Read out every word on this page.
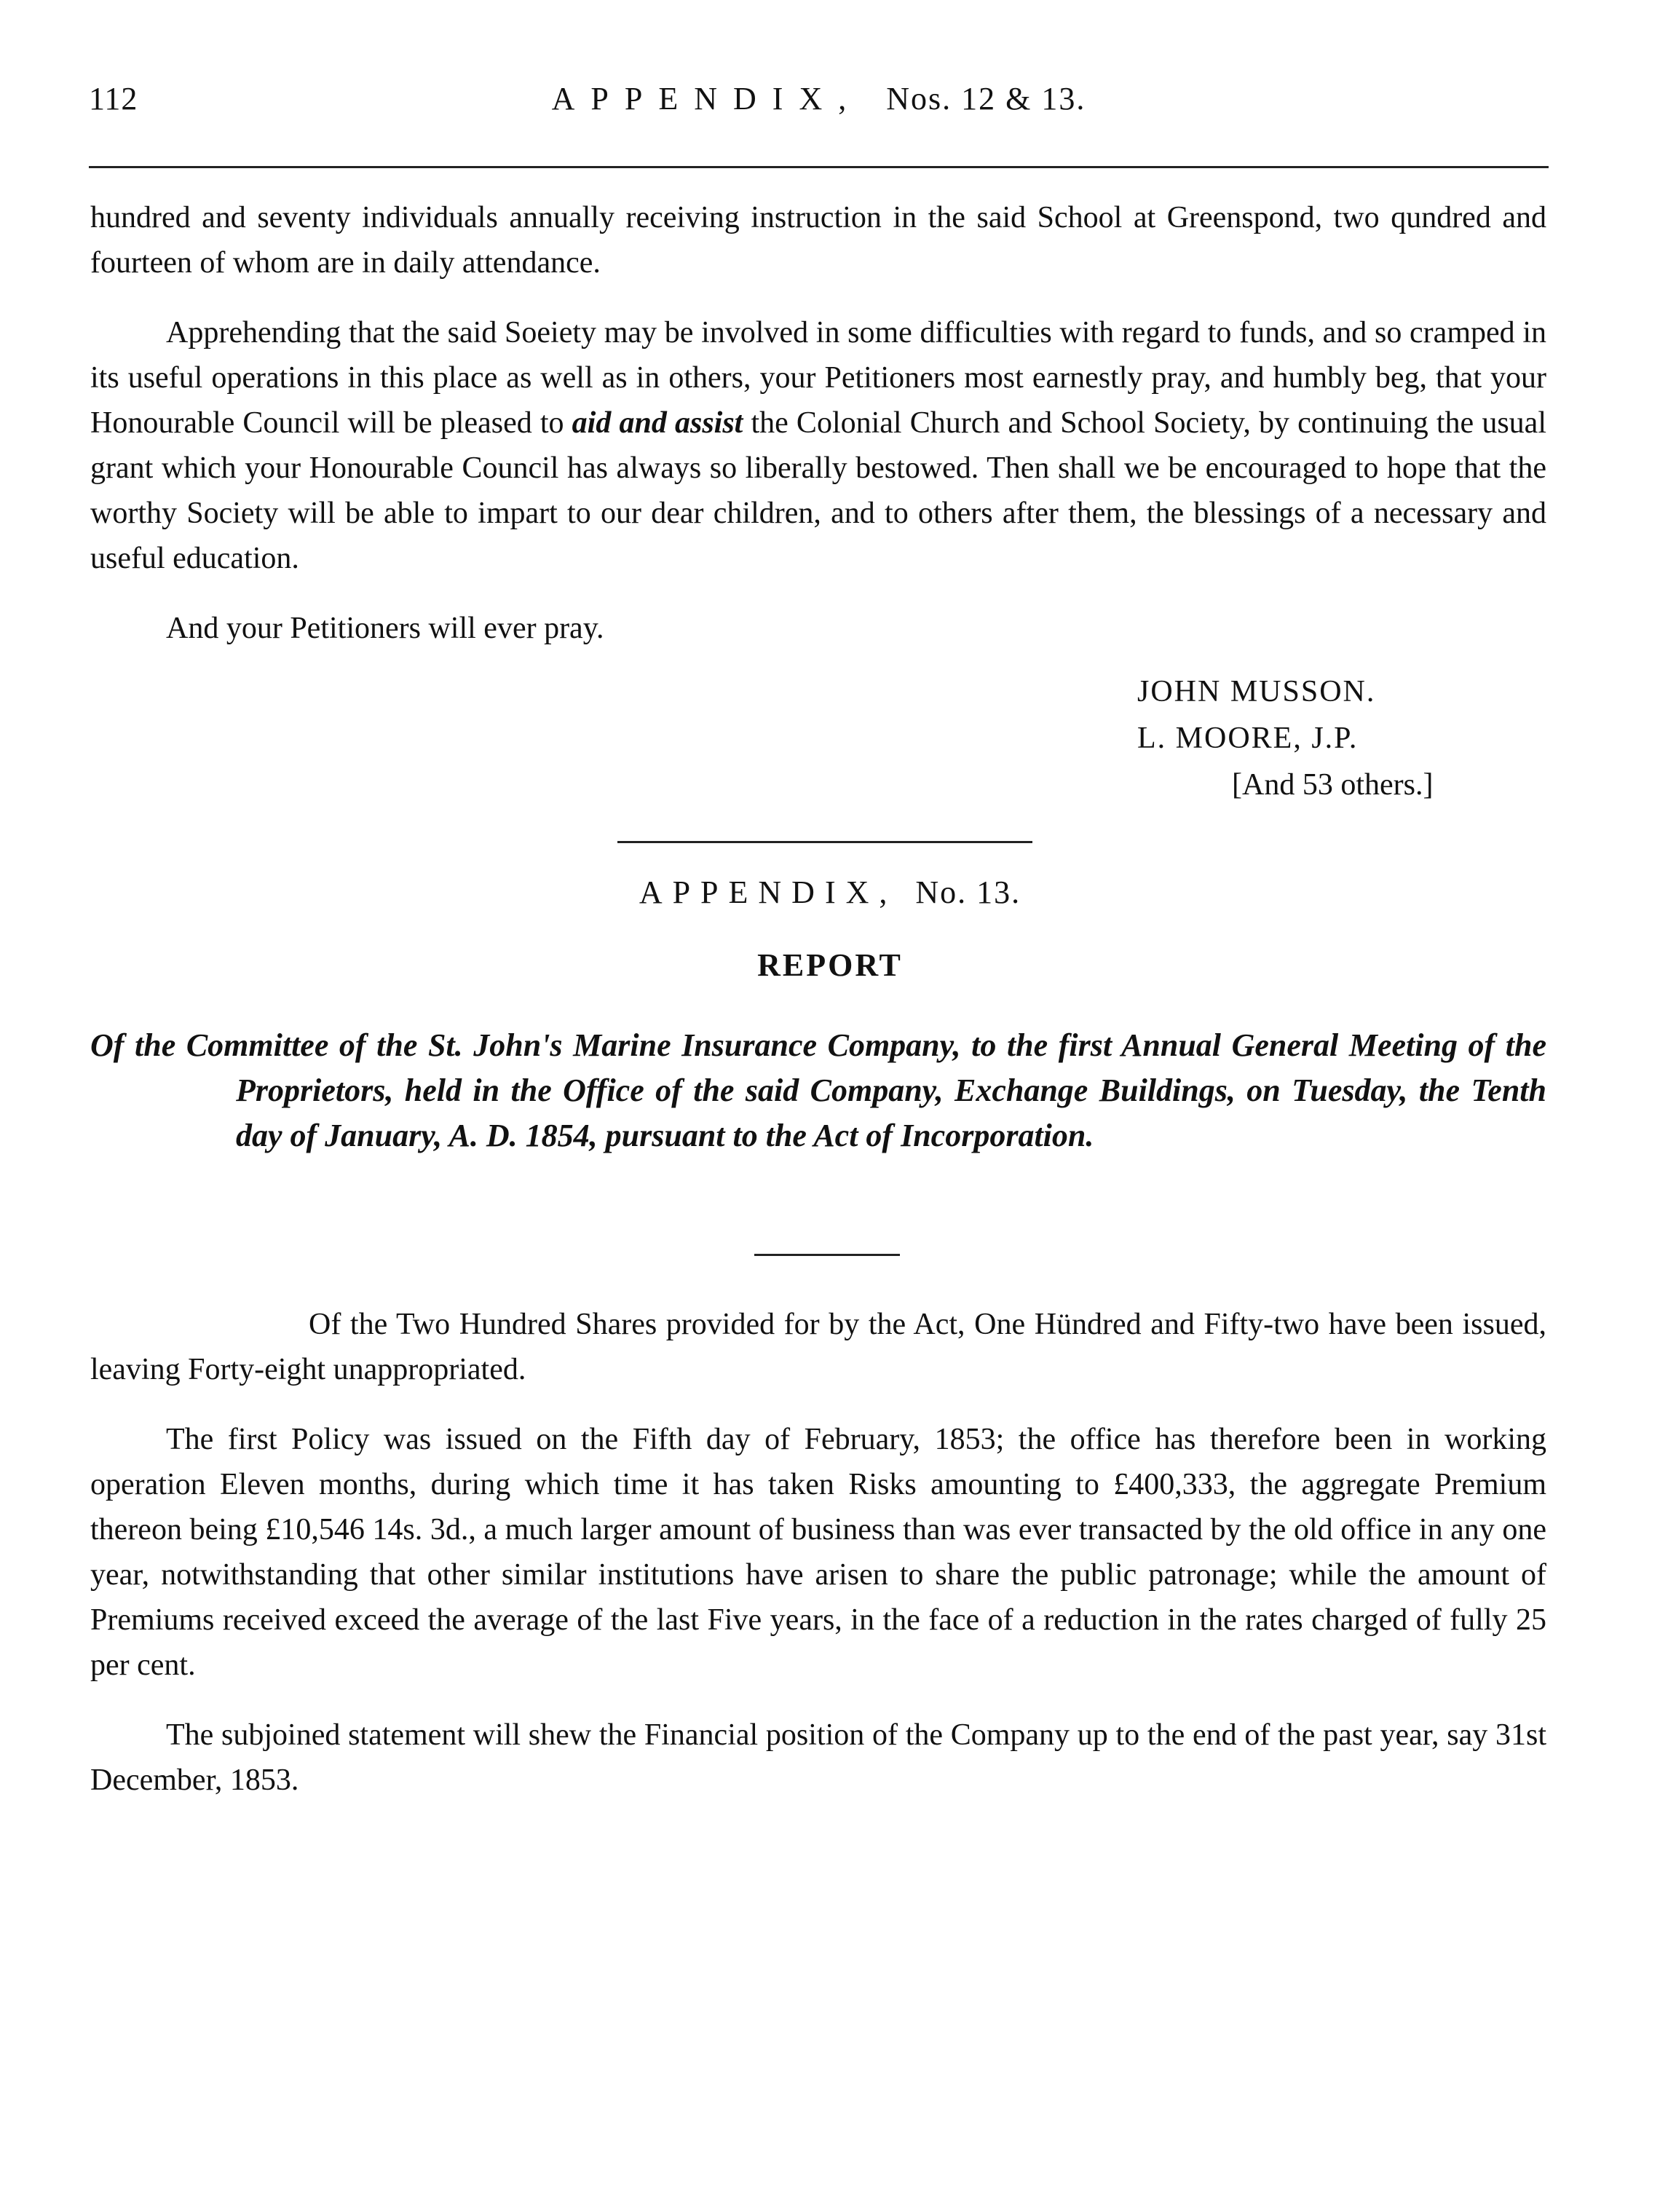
112	APPENDIX, Nos. 12 & 13.

hundred and seventy individuals annually receiving instruction in the said School at Greenspond, two qundred and fourteen of whom are in daily attendance.

Apprehending that the said Soeiety may be involved in some difficulties with regard to funds, and so cramped in its useful operations in this place as well as in others, your Petitioners most earnestly pray, and humbly beg, that your Honourable Council will be pleased to aid and assist the Colonial Church and School Society, by continuing the usual grant which your Honourable Council has always so liberally bestowed. Then shall we be encouraged to hope that the worthy Society will be able to impart to our dear children, and to others after them, the blessings of a necessary and useful education.

And your Petitioners will ever pray.

JOHN MUSSON.
L. MOORE, J.P.
[And 53 others.]
APPENDIX, No. 13.
REPORT
Of the Committee of the St. John's Marine Insurance Company, to the first Annual General Meeting of the Proprietors, held in the Office of the said Company, Exchange Buildings, on Tuesday, the Tenth day of January, A. D. 1854, pursuant to the Act of Incorporation.

Of the Two Hundred Shares provided for by the Act, One Hündred and Fifty-two have been issued, leaving Forty-eight unappropriated.

The first Policy was issued on the Fifth day of February, 1853; the office has therefore been in working operation Eleven months, during which time it has taken Risks amounting to £400,333, the aggregate Premium thereon being £10,546 14s. 3d., a much larger amount of business than was ever transacted by the old office in any one year, notwithstanding that other similar institutions have arisen to share the public patronage; while the amount of Premiums received exceed the average of the last Five years, in the face of a reduction in the rates charged of fully 25 per cent.

The subjoined statement will shew the Financial position of the Company up to the end of the past year, say 31st December, 1853.
